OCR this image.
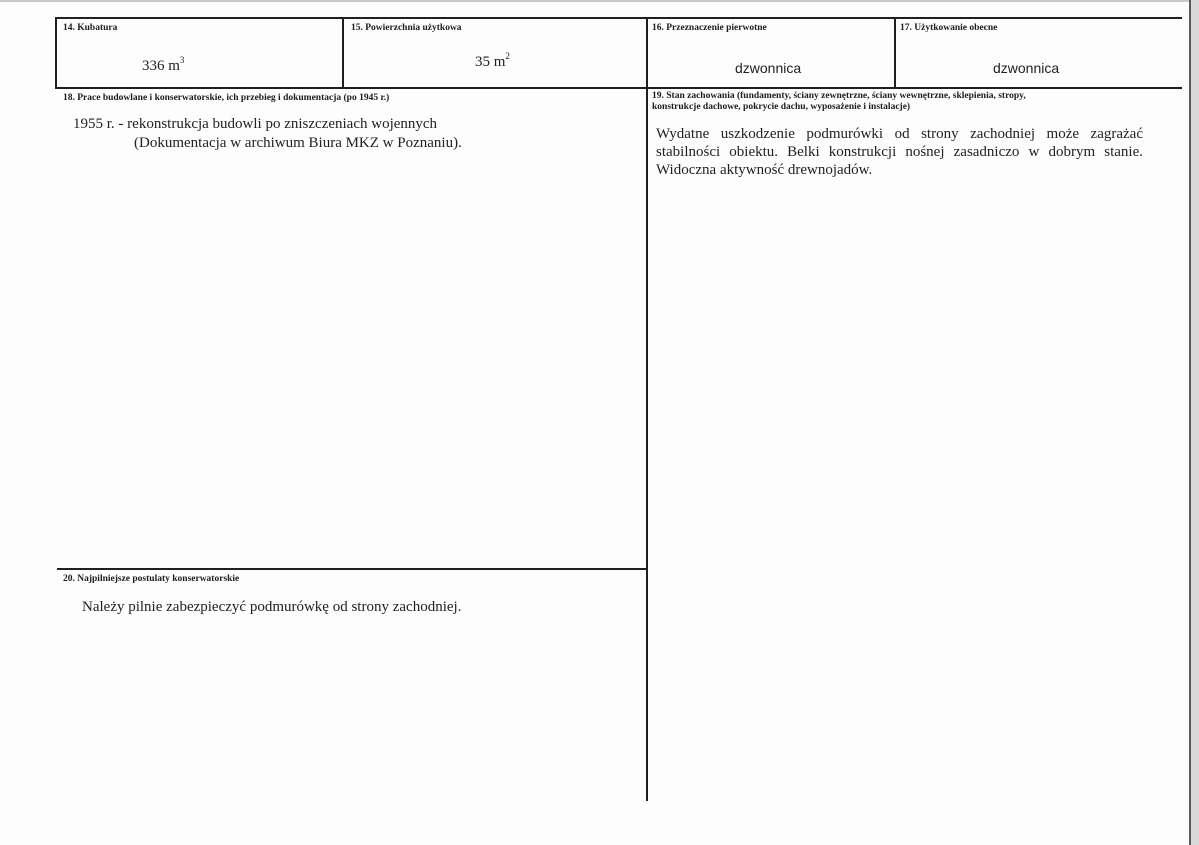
14. Kubatura
336 $m^3$
15. Powierzchnia użytkowa
35 $m^2$
16. Przeznaczenie pierwotne
dzwonnica
17. Użytkowanie obecne
dzwonnica
18. Prace budowlane i konserwatorskie, ich przebieg i dokumentacja (po 1945 r.)
1955 r. - rekonstrukcja budowli po zniszczeniach wojennych
(Dokumentacja w archiwum Biura MKZ w Poznaniu).
19. Stan zachowania (fundamenty, ściany zewnętrzne, ściany wewnętrzne, sklepienia, stropy,
konstrukcje dachowe, pokrycie dachu, wyposażenie i instalacje)
Wydatne uszkodzenie podmurówki od strony zachodniej może zagrażać
stabilności obiektu. Belki konstrukcji nośnej zasadniczo w dobrym stanie.
Widoczna aktywność drewnojadów.
20. Najpilniejsze postulaty konserwatorskie
Należy pilnie zabezpieczyć podmurówkę od strony zachodniej.
